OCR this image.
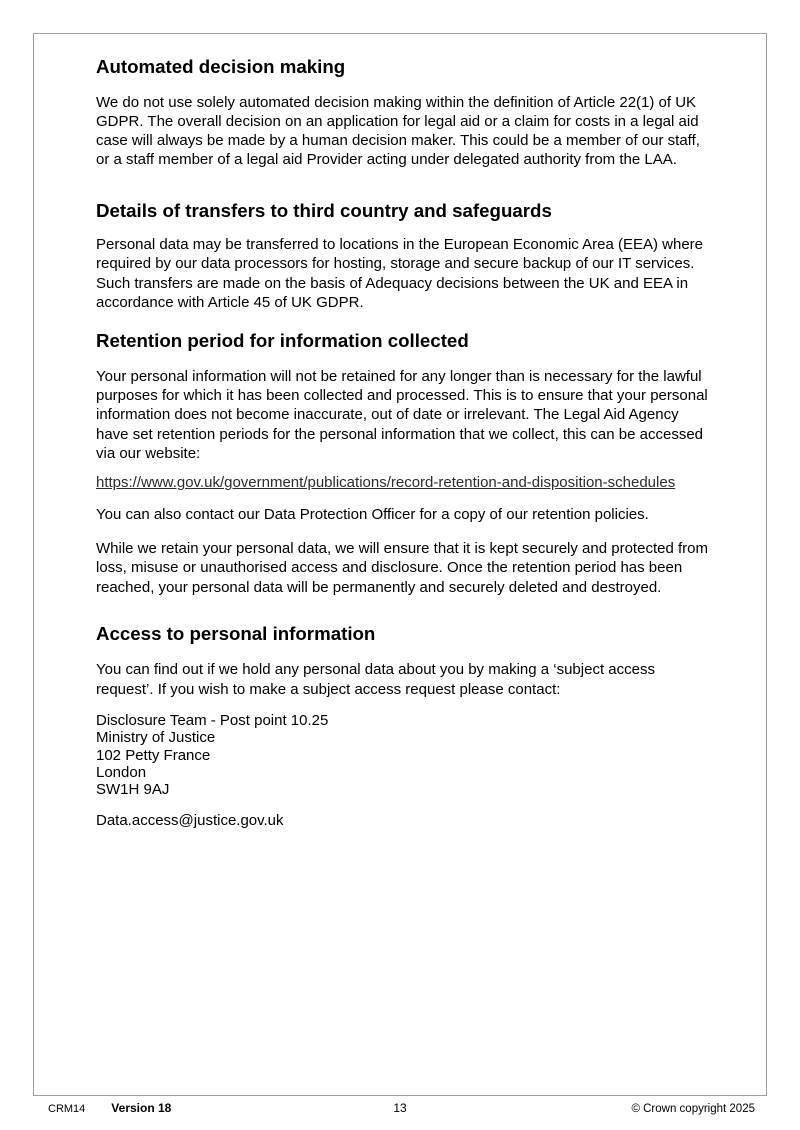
Automated decision making

We do not use solely automated decision making within the definition of Article 22(1) of UK GDPR. The overall decision on an application for legal aid or a claim for costs in a legal aid case will always be made by a human decision maker. This could be a member of our staff, or a staff member of a legal aid Provider acting under delegated authority from the LAA.

Details of transfers to third country and safeguards

Personal data may be transferred to locations in the European Economic Area (EEA) where required by our data processors for hosting, storage and secure backup of our IT services. Such transfers are made on the basis of Adequacy decisions between the UK and EEA in accordance with Article 45 of UK GDPR.

Retention period for information collected

Your personal information will not be retained for any longer than is necessary for the lawful purposes for which it has been collected and processed. This is to ensure that your personal information does not become inaccurate, out of date or irrelevant. The Legal Aid Agency have set retention periods for the personal information that we collect, this can be accessed via our website:

https://www.gov.uk/government/publications/record-retention-and-disposition-schedules

You can also contact our Data Protection Officer for a copy of our retention policies.

While we retain your personal data, we will ensure that it is kept securely and protected from loss, misuse or unauthorised access and disclosure. Once the retention period has been reached, your personal data will be permanently and securely deleted and destroyed.

Access to personal information

You can find out if we hold any personal data about you by making a ‘subject access request’. If you wish to make a subject access request please contact:

Disclosure Team - Post point 10.25
Ministry of Justice
102 Petty France
London
SW1H 9AJ

Data.access@justice.gov.uk

CRM14 Version 18	© Crown copyright 2025
13
